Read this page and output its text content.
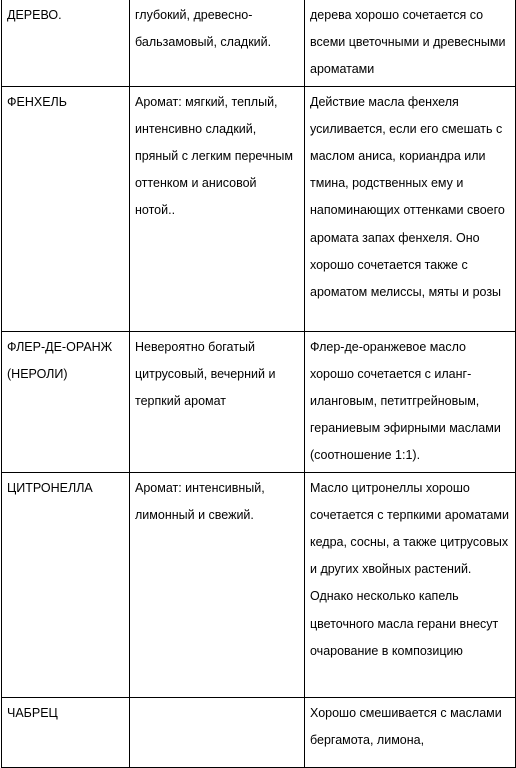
ДЕРЕВО.	глубокий, древесно-бальзамовый, сладкий.	дерева хорошо сочетается со всеми цветочными и древесными ароматами

ФЕНХЕЛЬ	Аромат: мягкий, теплый, интенсивно сладкий, пряный с легким перечным оттенком и анисовой нотой..	Действие масла фенхеля усиливается, если его смешать с маслом аниса, кориандра или тмина, родственных ему и напоминающих оттенками своего аромата запах фенхеля. Оно хорошо сочетается также с ароматом мелиссы, мяты и розы

ФЛЕР-ДЕ-ОРАНЖ (НЕРОЛИ)	Невероятно богатый цитрусовый, вечерний и терпкий аромат	Флер-де-оранжевое масло хорошо сочетается с иланг-иланговым, петитгрейновым, гераниевым эфирными маслами (соотношение 1:1).

ЦИТРОНЕЛЛА	Аромат: интенсивный, лимонный и свежий.	Масло цитронеллы хорошо сочетается с терпкими ароматами кедра, сосны, а также цитрусовых и других хвойных растений. Однако несколько капель цветочного масла герани внесут очарование в композицию

ЧАБРЕЦ		Хорошо смешивается с маслами бергамота, лимона,
